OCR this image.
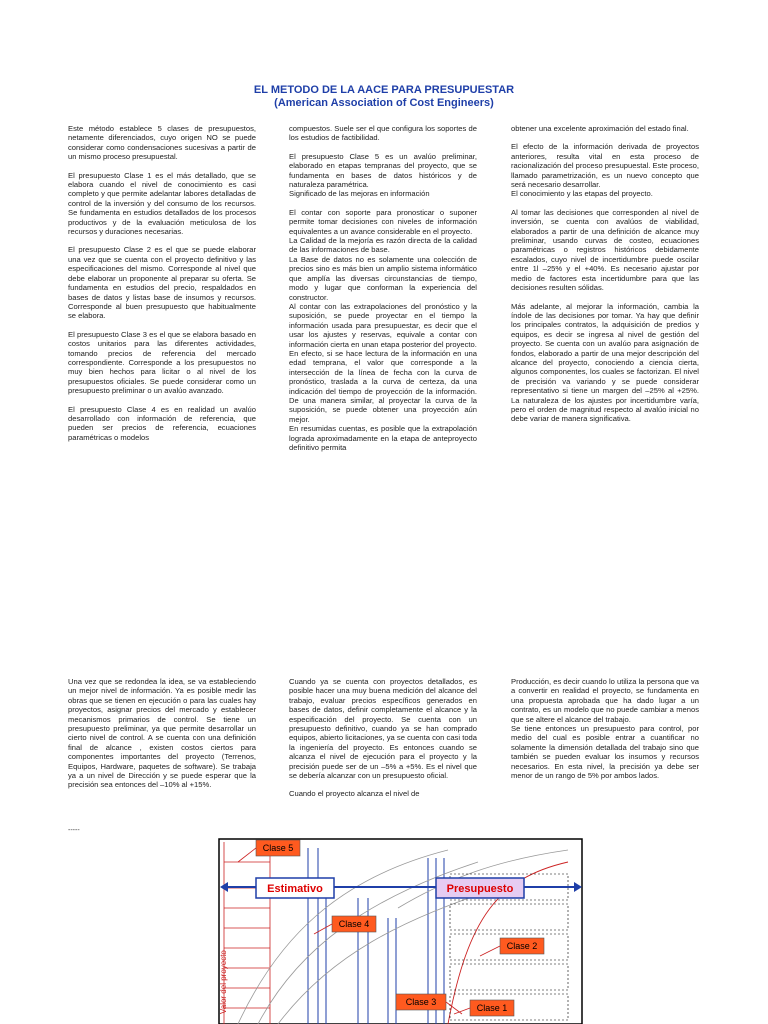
EL METODO DE LA AACE PARA PRESUPUESTAR
(American Association of Cost Engineers)

Este método establece 5 clases de presupuestos, netamente diferenciados, cuyo origen NO se puede considerar como condensaciones sucesivas a partir de un mismo proceso presupuestal.

El presupuesto Clase 1 es el más detallado, que se elabora cuando el nivel de conocimiento es casi completo y que permite adelantar labores detalladas de control de la inversión y del consumo de los recursos. Se fundamenta en estudios detallados de los procesos productivos y de la evaluación meticulosa de los recursos y duraciones necesarias.

El presupuesto Clase 2 es el que se puede elaborar una vez que se cuenta con el proyecto definitivo y las especificaciones del mismo. Corresponde al nivel que debe elaborar un proponente al preparar su oferta. Se fundamenta en estudios del precio, respaldados en bases de datos y listas base de insumos y recursos. Corresponde al buen presupuesto que habitualmente se elabora.

El presupuesto Clase 3 es el que se elabora basado en costos unitarios para las diferentes actividades, tomando precios de referencia del mercado correspondiente. Corresponde a los presupuestos no muy bien hechos para licitar o al nivel de los presupuestos oficiales. Se puede considerar como un presupuesto preliminar o un avalúo avanzado.

El presupuesto Clase 4 es en realidad un avalúo desarrollado con información de referencia, que pueden ser precios de referencia, ecuaciones paramétricas o modelos

compuestos. Suele ser el que configura los soportes de los estudios de factibilidad.

El presupuesto Clase 5 es un avalúo preliminar, elaborado en etapas tempranas del proyecto, que se fundamenta en bases de datos históricos y de naturaleza paramétrica.

Significado de las mejoras en información

El contar con soporte para pronosticar o suponer permite tomar decisiones con niveles de información equivalentes a un avance considerable en el proyecto.

La Calidad de la mejoría es razón directa de la calidad de las informaciones de base.

La Base de datos no es solamente una colección de precios sino es más bien un amplio sistema informático que amplía las diversas circunstancias de tiempo, modo y lugar que conforman la experiencia del constructor.

Al contar con las extrapolaciones del pronóstico y la suposición, se puede proyectar en el tiempo la información usada para presupuestar, es decir que el usar los ajustes y reservas, equivale a contar con información cierta en unan etapa posterior del proyecto.

En efecto, si se hace lectura de la información en una edad temprana, el valor que corresponde a la intersección de la línea de fecha con la curva de pronóstico, traslada a la curva de certeza, da una indicación del tiempo de proyección de la información. De una manera similar, al proyectar la curva de la suposición, se puede obtener una proyección aún mejor.

En resumidas cuentas, es posible que la extrapolación lograda aproximadamente en la etapa de anteproyecto definitivo permita

obtener una excelente aproximación del estado final.

El efecto de la información derivada de proyectos anteriores, resulta vital en esta proceso de racionalización del proceso presupuestal. Este proceso, llamado parametrización, es un nuevo concepto que será necesario desarrollar.

El conocimiento y las etapas del proyecto.

Al tomar las decisiones que corresponden al nivel de inversión, se cuenta con avalúos de viabilidad, elaborados a partir de una definición de alcance muy preliminar, usando curvas de costeo, ecuaciones paramétricas o registros históricos debidamente escalados, cuyo nivel de incertidumbre puede oscilar entre 1l –25% y el +40%. Es necesario ajustar por medio de factores esta incertidumbre para que las decisiones resulten sólidas.

Más adelante, al mejorar la información, cambia la índole de las decisiones por tomar. Ya hay que definir los principales contratos, la adquisición de predios y equipos, es decir se ingresa al nivel de gestión del proyecto. Se cuenta con un avalúo para asignación de fondos, elaborado a partir de una mejor descripción del alcance del proyecto, conociendo a ciencia cierta, algunos componentes, los cuales se factorizan. El nivel de precisión va variando y se puede considerar representativo si tiene un margen del –25% al +25%. La naturaleza de los ajustes por incertidumbre varía, pero el orden de magnitud respecto al avalúo inicial no debe variar de manera significativa.

Una vez que se redondea la idea, se va estableciendo un mejor nivel de información. Ya es posible medir las obras que se tienen en ejecución o para las cuales hay proyectos, asignar precios del mercado y establecer mecanismos primarios de control. Se tiene un presupuesto preliminar, ya que permite desarrollar un cierto nivel de control. A se cuenta con una definición final de alcance , existen costos ciertos para componentes importantes del proyecto (Terrenos, Equipos, Hardware, paquetes de software). Se trabaja ya a un nivel de Dirección y se puede esperar que la precisión sea entonces del –10% al +15%.

-----

Cuando ya se cuenta con proyectos detallados, es posible hacer una muy buena medición del alcance del trabajo, evaluar precios específicos generados en bases de datos, definir completamente el alcance y la especificación del proyecto. Se cuenta con un presupuesto definitivo, cuando ya se han comprado equipos, abierto licitaciones, ya se cuenta con casi toda la ingeniería del proyecto. Es entonces cuando se alcanza el nivel de ejecución para el proyecto y la precisión puede ser de un –5% a +5%. Es el nivel que se debería alcanzar con un presupuesto oficial.

Cuando el proyecto alcanza el nivel de

Producción, es decir cuando lo utiliza la persona que va a convertir en realidad el proyecto, se fundamenta en una propuesta aprobada que ha dado lugar a un contrato, es un modelo que no puede cambiar a menos que se altere el alcance del trabajo.

Se tiene entonces un presupuesto para control, por medio del cual es posible entrar a cuantificar no solamente la dimensión detallada del trabajo sino que también se pueden evaluar los insumos y recursos necesarios. En esta nivel, la precisión ya debe ser menor de un rango de 5% por ambos lados.

Estimativo	Presupuesto
Clase 5
Clase 4
Clase 2
Clase 3
Clase 1
Valor del proyecto
